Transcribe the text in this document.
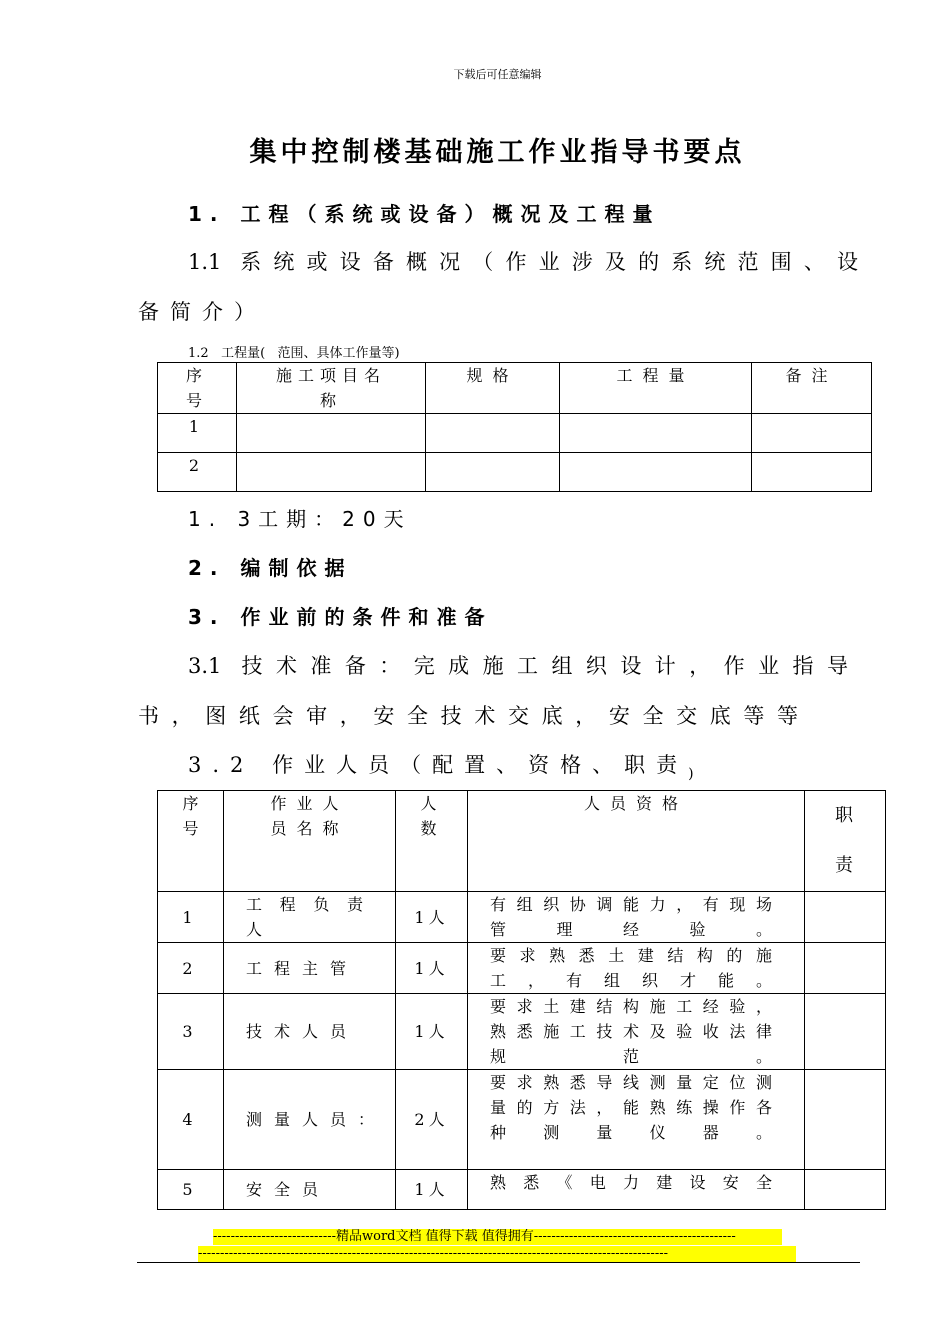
下载后可任意编辑
集中控制楼基础施工作业指导书要点
1. 工程（系统或设备）概况及工程量
1.1 系统或设备概况（作业涉及的系统范围、设
备简介）
1.2   工程量(   范围、具体工作量等)
序号	施工项目名称	规格	工程量	备注
1				
2				
1. 3工期：20天
2. 编制依据
3. 作业前的条件和准备
3.1 技术准备：完成施工组织设计，作业指导
书，图纸会审，安全技术交底，安全交底等等
3.2 作业人员（配置、资格、职责$_)$
序号	作业人员名称	人数	人员资格	职责
1	工程负责人	1人	有组织协调能力，有现场管理经验。	
2	工程主管	1人	要求熟悉土建结构的施工，有组织才能。	
3	技术人员	1人	要求土建结构施工经验，熟悉施工技术及验收法律规范。	
4	测量人员：	2人	要求熟悉导线测量定位测量的方法，能熟练操作各种测量仪器。	
5	安全员	1人	熟悉《电力建设安全	
----------------------------精品word文档 值得下载 值得拥有----------------------------------------------
-----------------------------------------------------------------------------------------------------------
